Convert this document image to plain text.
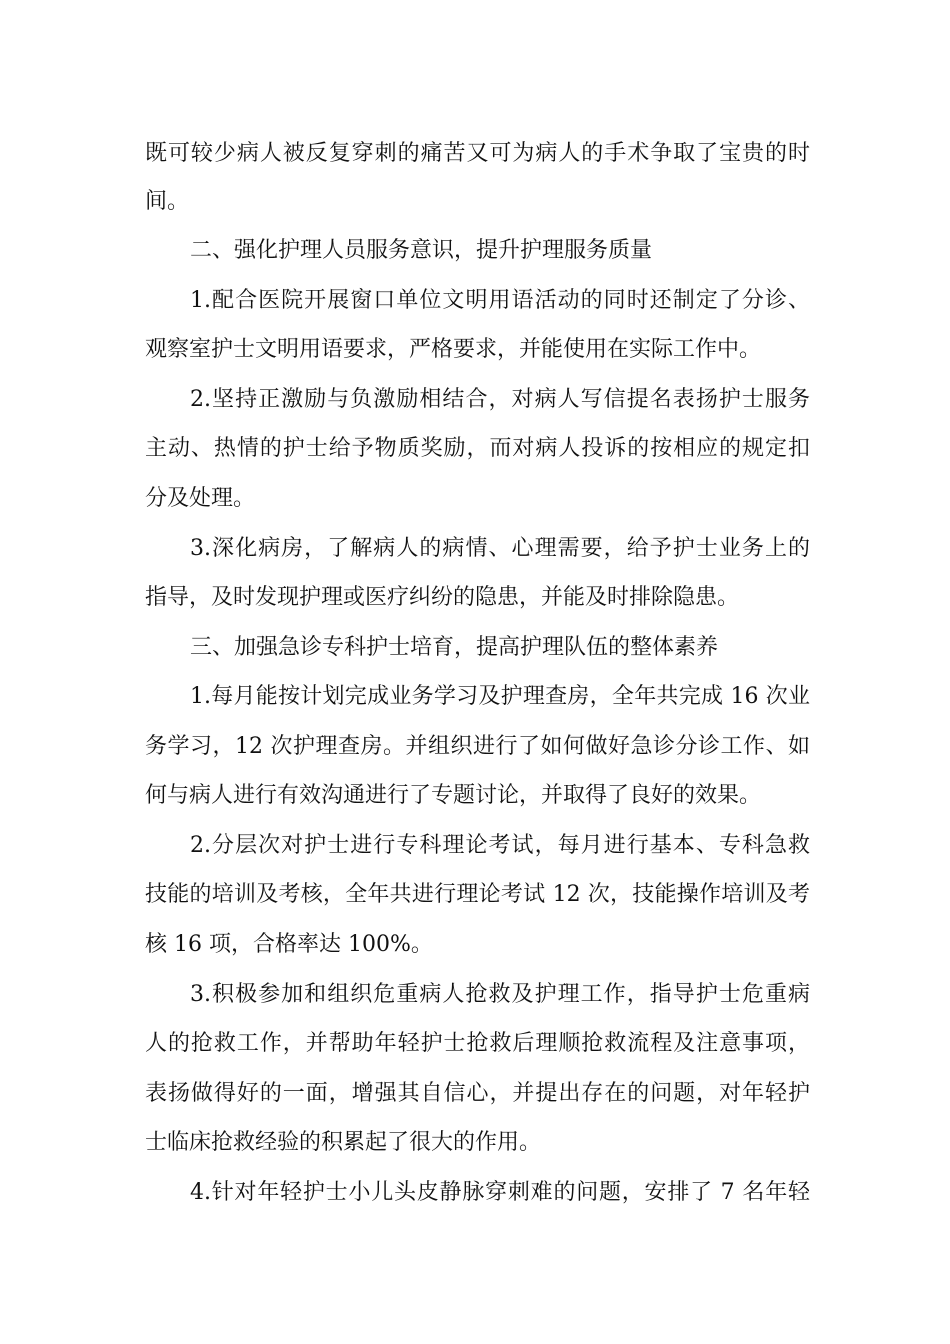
既可较少病人被反复穿刺的痛苦又可为病人的手术争取了宝贵的时
间。
二、强化护理人员服务意识，提升护理服务质量
1.配合医院开展窗口单位文明用语活动的同时还制定了分诊、
观察室护士文明用语要求，严格要求，并能使用在实际工作中。
2.坚持正激励与负激励相结合，对病人写信提名表扬护士服务
主动、热情的护士给予物质奖励，而对病人投诉的按相应的规定扣
分及处理。
3.深化病房，了解病人的病情、心理需要，给予护士业务上的
指导，及时发现护理或医疗纠纷的隐患，并能及时排除隐患。
三、加强急诊专科护士培育，提高护理队伍的整体素养
1.每月能按计划完成业务学习及护理查房，全年共完成 16 次业
务学习，12 次护理查房。并组织进行了如何做好急诊分诊工作、如
何与病人进行有效沟通进行了专题讨论，并取得了良好的效果。
2.分层次对护士进行专科理论考试，每月进行基本、专科急救
技能的培训及考核，全年共进行理论考试 12 次，技能操作培训及考
核 16 项，合格率达 100%。
3.积极参加和组织危重病人抢救及护理工作，指导护士危重病
人的抢救工作，并帮助年轻护士抢救后理顺抢救流程及注意事项，
表扬做得好的一面，增强其自信心，并提出存在的问题，对年轻护
士临床抢救经验的积累起了很大的作用。
4.针对年轻护士小儿头皮静脉穿刺难的问题，安排了 7 名年轻
